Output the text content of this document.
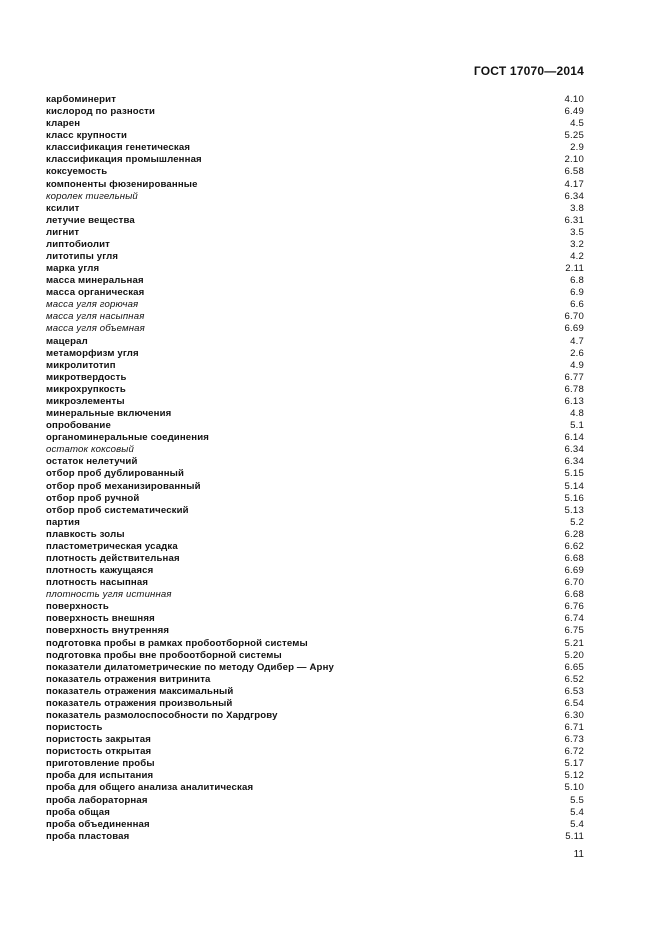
ГОСТ 17070—2014
карбоминерит	4.10
кислород по разности	6.49
кларен	4.5
класс крупности	5.25
классификация генетическая	2.9
классификация промышленная	2.10
коксуемость	6.58
компоненты фюзенированные	4.17
королек тигельный	6.34
ксилит	3.8
летучие вещества	6.31
лигнит	3.5
липтобиолит	3.2
литотипы угля	4.2
марка угля	2.11
масса минеральная	6.8
масса органическая	6.9
масса угля горючая	6.6
масса угля насыпная	6.70
масса угля объемная	6.69
мацерал	4.7
метаморфизм угля	2.6
микролитотип	4.9
микротвердость	6.77
микрохрупкость	6.78
микроэлементы	6.13
минеральные включения	4.8
опробование	5.1
органоминеральные соединения	6.14
остаток коксовый	6.34
остаток нелетучий	6.34
отбор проб дублированный	5.15
отбор проб механизированный	5.14
отбор проб ручной	5.16
отбор проб систематический	5.13
партия	5.2
плавкость золы	6.28
пластометрическая усадка	6.62
плотность действительная	6.68
плотность кажущаяся	6.69
плотность насыпная	6.70
плотность угля истинная	6.68
поверхность	6.76
поверхность внешняя	6.74
поверхность внутренняя	6.75
подготовка пробы в рамках пробоотборной системы	5.21
подготовка пробы вне пробоотборной системы	5.20
показатели дилатометрические по методу Одибер — Арну	6.65
показатель отражения витринита	6.52
показатель отражения максимальный	6.53
показатель отражения произвольный	6.54
показатель размолоспособности по Хардгрову	6.30
пористость	6.71
пористость закрытая	6.73
пористость открытая	6.72
приготовление пробы	5.17
проба для испытания	5.12
проба для общего анализа аналитическая	5.10
проба лабораторная	5.5
проба общая	5.4
проба объединенная	5.4
проба пластовая	5.11
11
